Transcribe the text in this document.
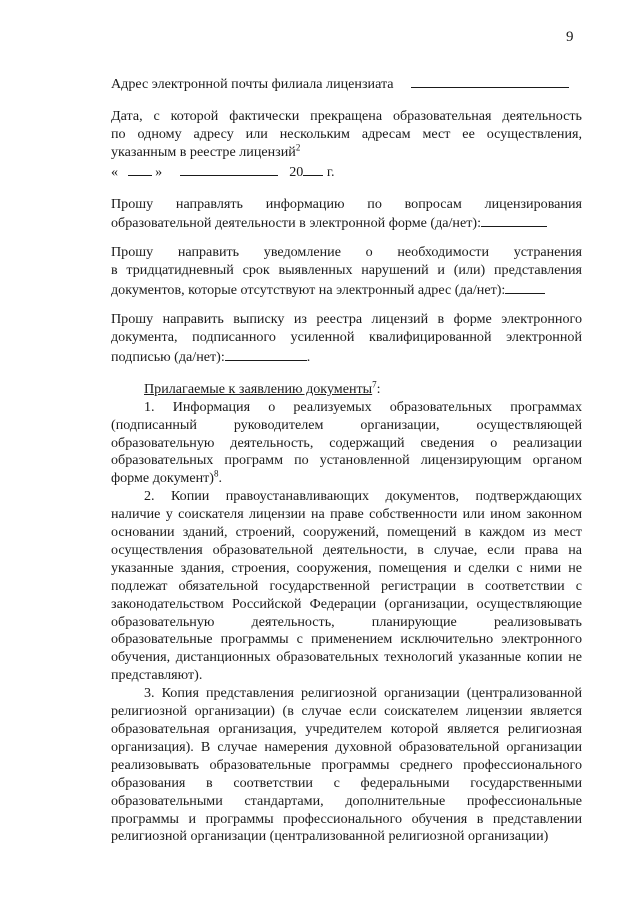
9
Адрес электронной почты филиала лицензиата
Дата, с которой фактически прекращена образовательная деятельность
по одному адресу или нескольким адресам мест ее осуществления,
указанным в реестре лицензий$^2$
«	»	20 г.
Прошу направлять информацию по вопросам лицензирования
образовательной деятельности в электронной форме (да/нет):
Прошу направить уведомление о необходимости устранения
в тридцатидневный срок выявленных нарушений и (или) представления
документов, которые отсутствуют на электронный адрес (да/нет):
Прошу направить выписку из реестра лицензий в форме электронного
документа, подписанного усиленной квалифицированной электронной
подписью (да/нет):	.
Прилагаемые к заявлению документы$^7$:
1. Информация о реализуемых образовательных программах (подписанный руководителем организации, осуществляющей образовательную деятельность, содержащий сведения о реализации образовательных программ по установленной лицензирующим органом форме документ)$^8$.
2. Копии правоустанавливающих документов, подтверждающих наличие у соискателя лицензии на праве собственности или ином законном основании зданий, строений, сооружений, помещений в каждом из мест осуществления образовательной деятельности, в случае, если права на указанные здания, строения, сооружения, помещения и сделки с ними не подлежат обязательной государственной регистрации в соответствии с законодательством Российской Федерации (организации, осуществляющие образовательную деятельность, планирующие реализовывать образовательные программы с применением исключительно электронного обучения, дистанционных образовательных технологий указанные копии не представляют).
3. Копия представления религиозной организации (централизованной религиозной организации) (в случае если соискателем лицензии является образовательная организация, учредителем которой является религиозная организация). В случае намерения духовной образовательной организации реализовывать образовательные программы среднего профессионального образования в соответствии с федеральными государственными образовательными стандартами, дополнительные профессиональные программы и программы профессионального обучения в представлении религиозной организации (централизованной религиозной организации)
